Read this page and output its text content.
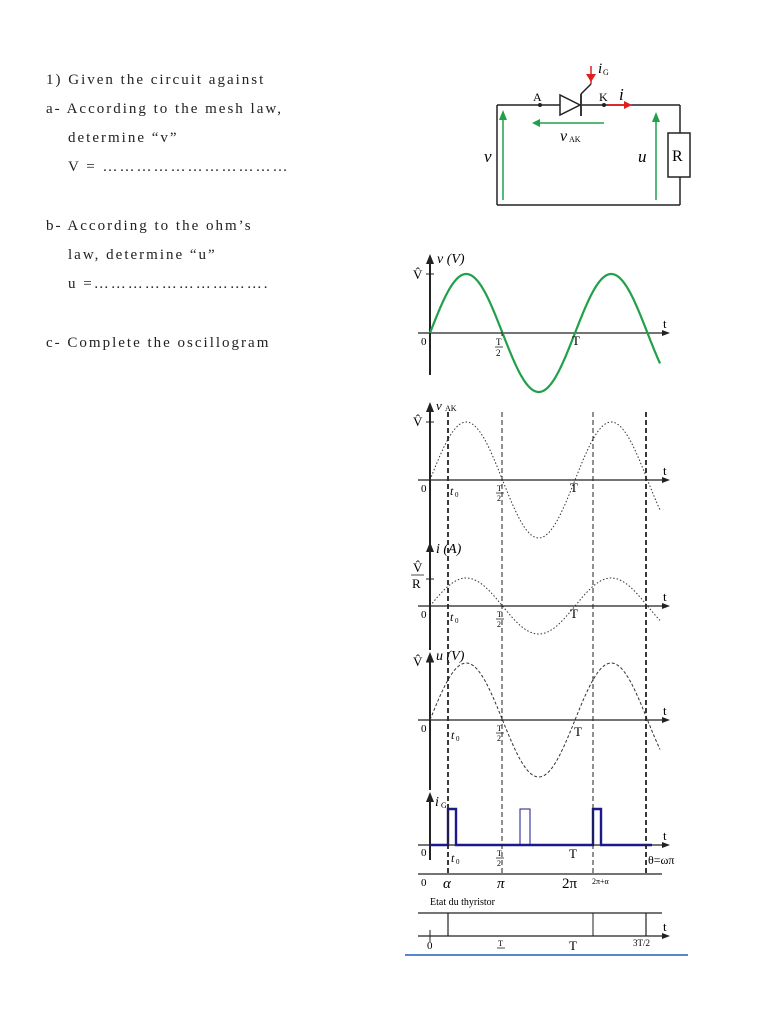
1) Given the circuit against
a- According to the mesh law,
determine “v”
V = ……………………………
b- According to the ohm’s
law, determine “u”
u =………………………….
c- Complete the oscillogram
i G
A	K i
v AK
v	u R
V̂
v (V)
t
0	T
2
T
V̂
v AK
t
0 t 0
T
2
T
V̂
R
i (A)
t
0 t 0
T
2
T
V̂ u (V)
t
0 t 0
T
2	T
i G
t
0 t 0
T
2
T	θ=ωπ
0 α	π	2π 2π+α
Etat du thyristor
t
0	T	T	3T/2
